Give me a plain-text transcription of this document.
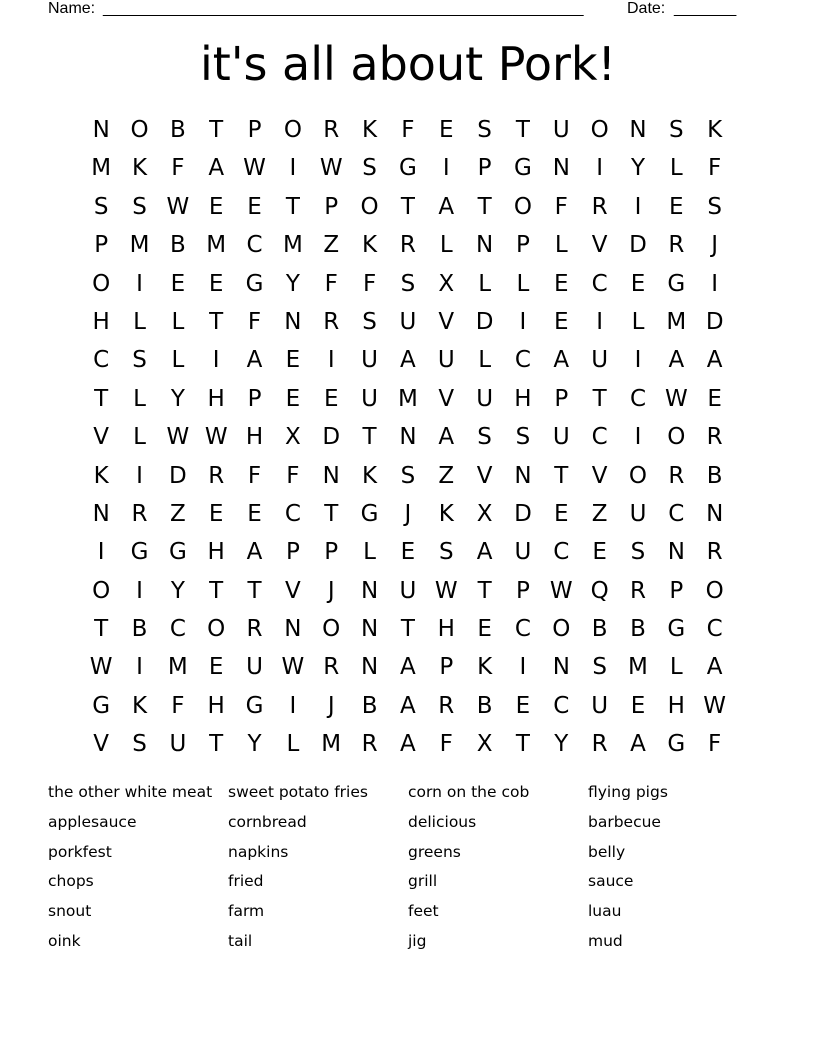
Name: ______________________________________________________	Date: _______
it's all about Pork!
N O B	T	P O R K	F	E	S	T U O N S	K
M K	F	A W	I	W S G	I	P G N	I	Y	L	F
S	S W E	E	T	P O T	A	T O F	R	I	E	S
P M B M C M Z K R	L	N P	L	V D R	J
O	I	E	E G Y	F	F	S	X	L	L	E	C	E G	I
H	L	L	T	F	N R	S U V D	I	E	I	L M D
C	S	L	I	A	E	I	U A U	L	C A U	I	A A
T	L	Y H P	E	E U M V U H P	T	C W E
V	L W W H X D T N A	S	S U C	I	O R
K	I	D R	F	F	N K	S	Z V N T	V O R B
N R Z	E	E	C	T G	J	K X D E	Z U C N
I	G G H A	P	P	L	E	S	A U C	E	S N R
O	I	Y	T	T	V	J	N U W T	P W Q R	P O
T	B C O R N O N T H E	C O B B G C
W	I	M E U W R N A	P	K	I	N S M L	A
G K	F	H G	I	J	B A R B	E	C U E H W
V	S U T	Y	L M R A	F	X	T	Y	R A G F
the other white meat
applesauce
porkfest
chops
snout
oink
sweet potato fries
cornbread
napkins
fried
farm
tail
corn on the cob
delicious
greens
grill
feet
jig
flying pigs
barbecue
belly
sauce
luau
mud
